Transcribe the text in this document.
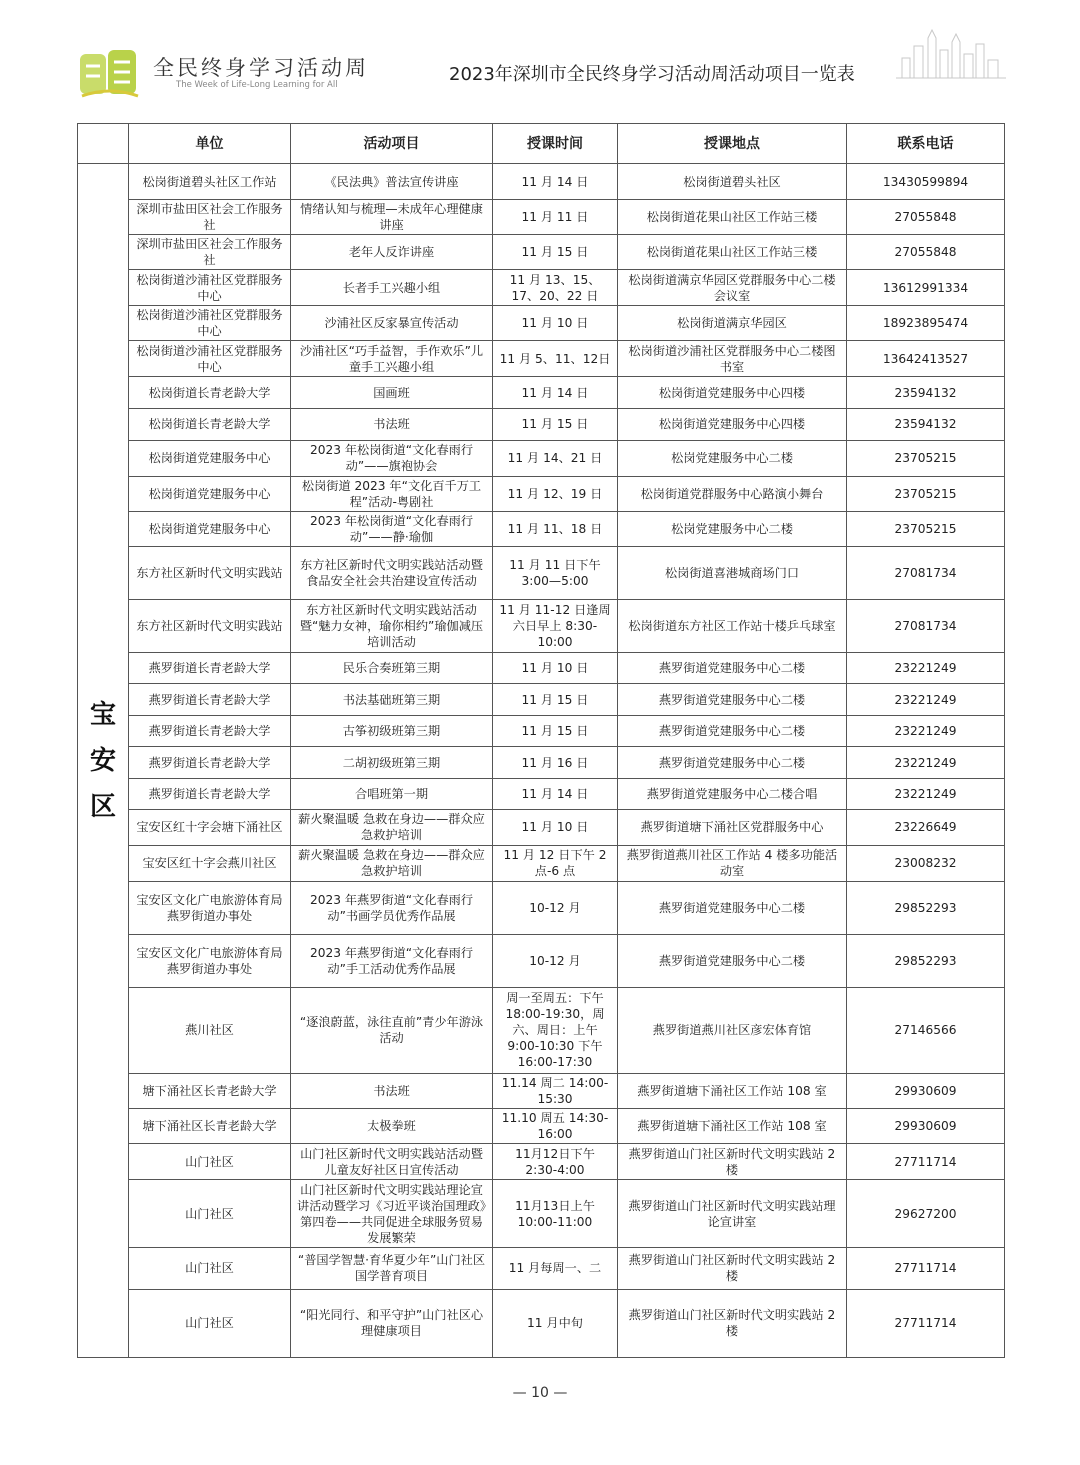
全民终身学习活动周
The Week of Life-Long Learning for All	2023年深圳市全民终身学习活动周活动项目一览表
	单位	活动项目	授课时间	授课地点	联系电话

宝
安
区	松岗街道碧头社区工作站	《民法典》普法宣传讲座	11 月 14 日	松岗街道碧头社区	13430599894
	深圳市盐田区社会工作服务社	情绪认知与梳理—未成年心理健康讲座	11 月 11 日	松岗街道花果山社区工作站三楼	27055848
	深圳市盐田区社会工作服务社	老年人反诈讲座	11 月 15 日	松岗街道花果山社区工作站三楼	27055848
	松岗街道沙浦社区党群服务中心	长者手工兴趣小组	11 月 13、15、17、20、22 日	松岗街道满京华园区党群服务中心二楼会议室	13612991334
	松岗街道沙浦社区党群服务中心	沙浦社区反家暴宣传活动	11 月 10 日	松岗街道满京华园区	18923895474
	松岗街道沙浦社区党群服务中心	沙浦社区“巧手益智，手作欢乐”儿童手工兴趣小组	11 月 5、11、12日	松岗街道沙浦社区党群服务中心二楼图书室	13642413527
	松岗街道长青老龄大学	国画班	11 月 14 日	松岗街道党建服务中心四楼	23594132
	松岗街道长青老龄大学	书法班	11 月 15 日	松岗街道党建服务中心四楼	23594132
	松岗街道党建服务中心	2023 年松岗街道“文化春雨行动”——旗袍协会	11 月 14、21 日	松岗党建服务中心二楼	23705215
	松岗街道党建服务中心	松岗街道 2023 年“文化百千万工程”活动-粤剧社	11 月 12、19 日	松岗街道党群服务中心路演小舞台	23705215
	松岗街道党建服务中心	2023 年松岗街道“文化春雨行动”——静·瑜伽	11 月 11、18 日	松岗党建服务中心二楼	23705215
	东方社区新时代文明实践站	东方社区新时代文明实践站活动暨食品安全社会共治建设宣传活动	11 月 11 日下午 3:00—5:00	松岗街道喜港城商场门口	27081734
	东方社区新时代文明实践站	东方社区新时代文明实践站活动暨“魅力女神，瑜你相约”瑜伽减压培训活动	11 月 11-12 日逢周六日早上 8:30-10:00	松岗街道东方社区工作站十楼乒乓球室	27081734
	燕罗街道长青老龄大学	民乐合奏班第三期	11 月 10 日	燕罗街道党建服务中心二楼	23221249
	燕罗街道长青老龄大学	书法基础班第三期	11 月 15 日	燕罗街道党建服务中心二楼	23221249
	燕罗街道长青老龄大学	古筝初级班第三期	11 月 15 日	燕罗街道党建服务中心二楼	23221249
	燕罗街道长青老龄大学	二胡初级班第三期	11 月 16 日	燕罗街道党建服务中心二楼	23221249
	燕罗街道长青老龄大学	合唱班第一期	11 月 14 日	燕罗街道党建服务中心二楼合唱	23221249
	宝安区红十字会塘下涌社区	薪火聚温暖 急救在身边——群众应急救护培训	11 月 10 日	燕罗街道塘下涌社区党群服务中心	23226649
	宝安区红十字会燕川社区	薪火聚温暖 急救在身边——群众应急救护培训	11 月 12 日下午 2点-6 点	燕罗街道燕川社区工作站 4 楼多功能活动室	23008232
	宝安区文化广电旅游体育局燕罗街道办事处	2023 年燕罗街道“文化春雨行动”书画学员优秀作品展	10-12 月	燕罗街道党建服务中心二楼	29852293
	宝安区文化广电旅游体育局燕罗街道办事处	2023 年燕罗街道“文化春雨行动”手工活动优秀作品展	10-12 月	燕罗街道党建服务中心二楼	29852293
	燕川社区	“逐浪蔚蓝，泳往直前”青少年游泳活动	周一至周五：下午 18:00-19:30，周六、周日：上午 9:00-10:30 下午 16:00-17:30	燕罗街道燕川社区彦宏体育馆	27146566
	塘下涌社区长青老龄大学	书法班	11.14 周二 14:00-15:30	燕罗街道塘下涌社区工作站 108 室	29930609
	塘下涌社区长青老龄大学	太极拳班	11.10 周五 14:30-16:00	燕罗街道塘下涌社区工作站 108 室	29930609
	山门社区	山门社区新时代文明实践站活动暨儿童友好社区日宣传活动	11月12日下午 2:30-4:00	燕罗街道山门社区新时代文明实践站 2 楼	27711714
	山门社区	山门社区新时代文明实践站理论宣讲活动暨学习《习近平谈治国理政》第四卷——共同促进全球服务贸易发展繁荣	11月13日上午 10:00-11:00	燕罗街道山门社区新时代文明实践站理论宣讲室	29627200
	山门社区	“普国学智慧·育华夏少年”山门社区国学普育项目	11 月每周一、二	燕罗街道山门社区新时代文明实践站 2 楼	27711714
	山门社区	“阳光同行、和平守护”山门社区心理健康项目	11 月中旬	燕罗街道山门社区新时代文明实践站 2 楼	27711714
— 10 —
